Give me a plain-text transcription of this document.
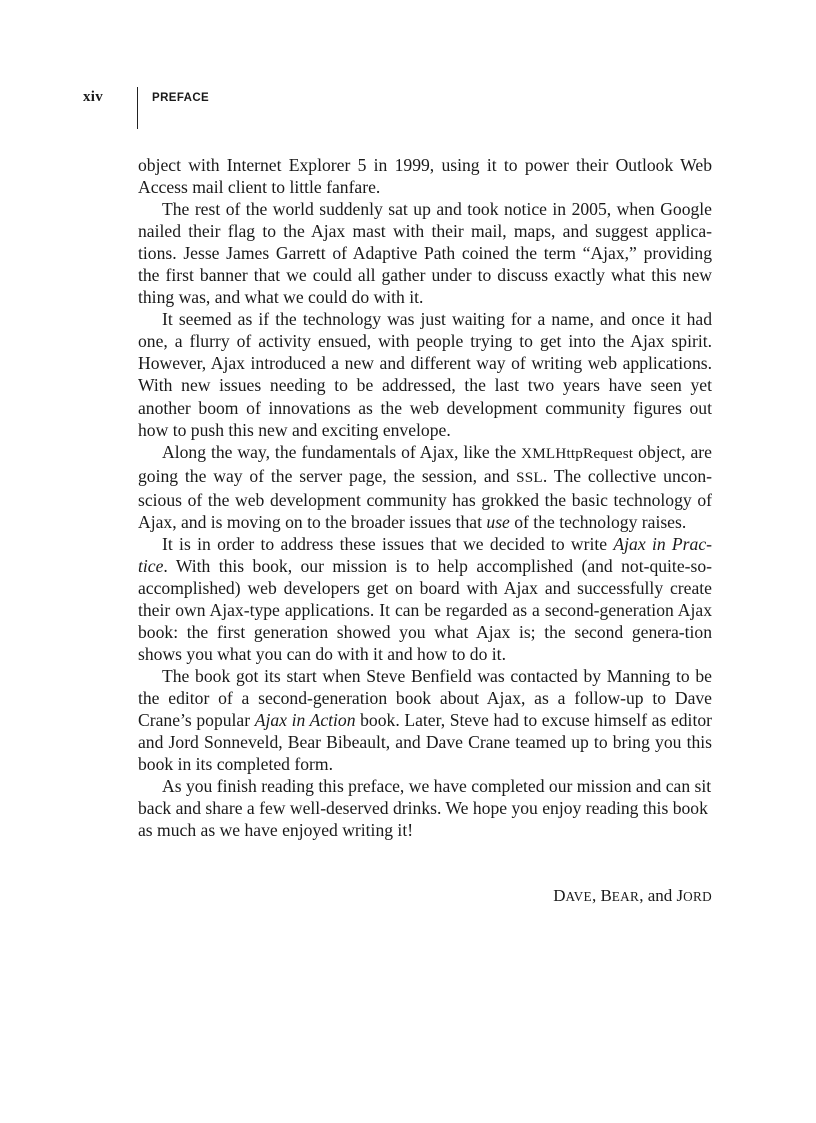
xiv	PREFACE

object with Internet Explorer 5 in 1999, using it to power their Outlook Web Access mail client to little fanfare.

The rest of the world suddenly sat up and took notice in 2005, when Google nailed their flag to the Ajax mast with their mail, maps, and suggest applica-tions. Jesse James Garrett of Adaptive Path coined the term “Ajax,” providing the first banner that we could all gather under to discuss exactly what this new thing was, and what we could do with it.

It seemed as if the technology was just waiting for a name, and once it had one, a flurry of activity ensued, with people trying to get into the Ajax spirit. However, Ajax introduced a new and different way of writing web applications. With new issues needing to be addressed, the last two years have seen yet another boom of innovations as the web development community figures out how to push this new and exciting envelope.

Along the way, the fundamentals of Ajax, like the XMLHttpRequest object, are going the way of the server page, the session, and SSL. The collective uncon-scious of the web development community has grokked the basic technology of Ajax, and is moving on to the broader issues that use of the technology raises.

It is in order to address these issues that we decided to write Ajax in Prac-tice. With this book, our mission is to help accomplished (and not-quite-so-accomplished) web developers get on board with Ajax and successfully create their own Ajax-type applications. It can be regarded as a second-generation Ajax book: the first generation showed you what Ajax is; the second genera-tion shows you what you can do with it and how to do it.

The book got its start when Steve Benfield was contacted by Manning to be the editor of a second-generation book about Ajax, as a follow-up to Dave Crane’s popular Ajax in Action book. Later, Steve had to excuse himself as editor and Jord Sonneveld, Bear Bibeault, and Dave Crane teamed up to bring you this book in its completed form.

As you finish reading this preface, we have completed our mission and can sit back and share a few well-deserved drinks. We hope you enjoy reading this book as much as we have enjoyed writing it!

DAVE, BEAR, and JORD
